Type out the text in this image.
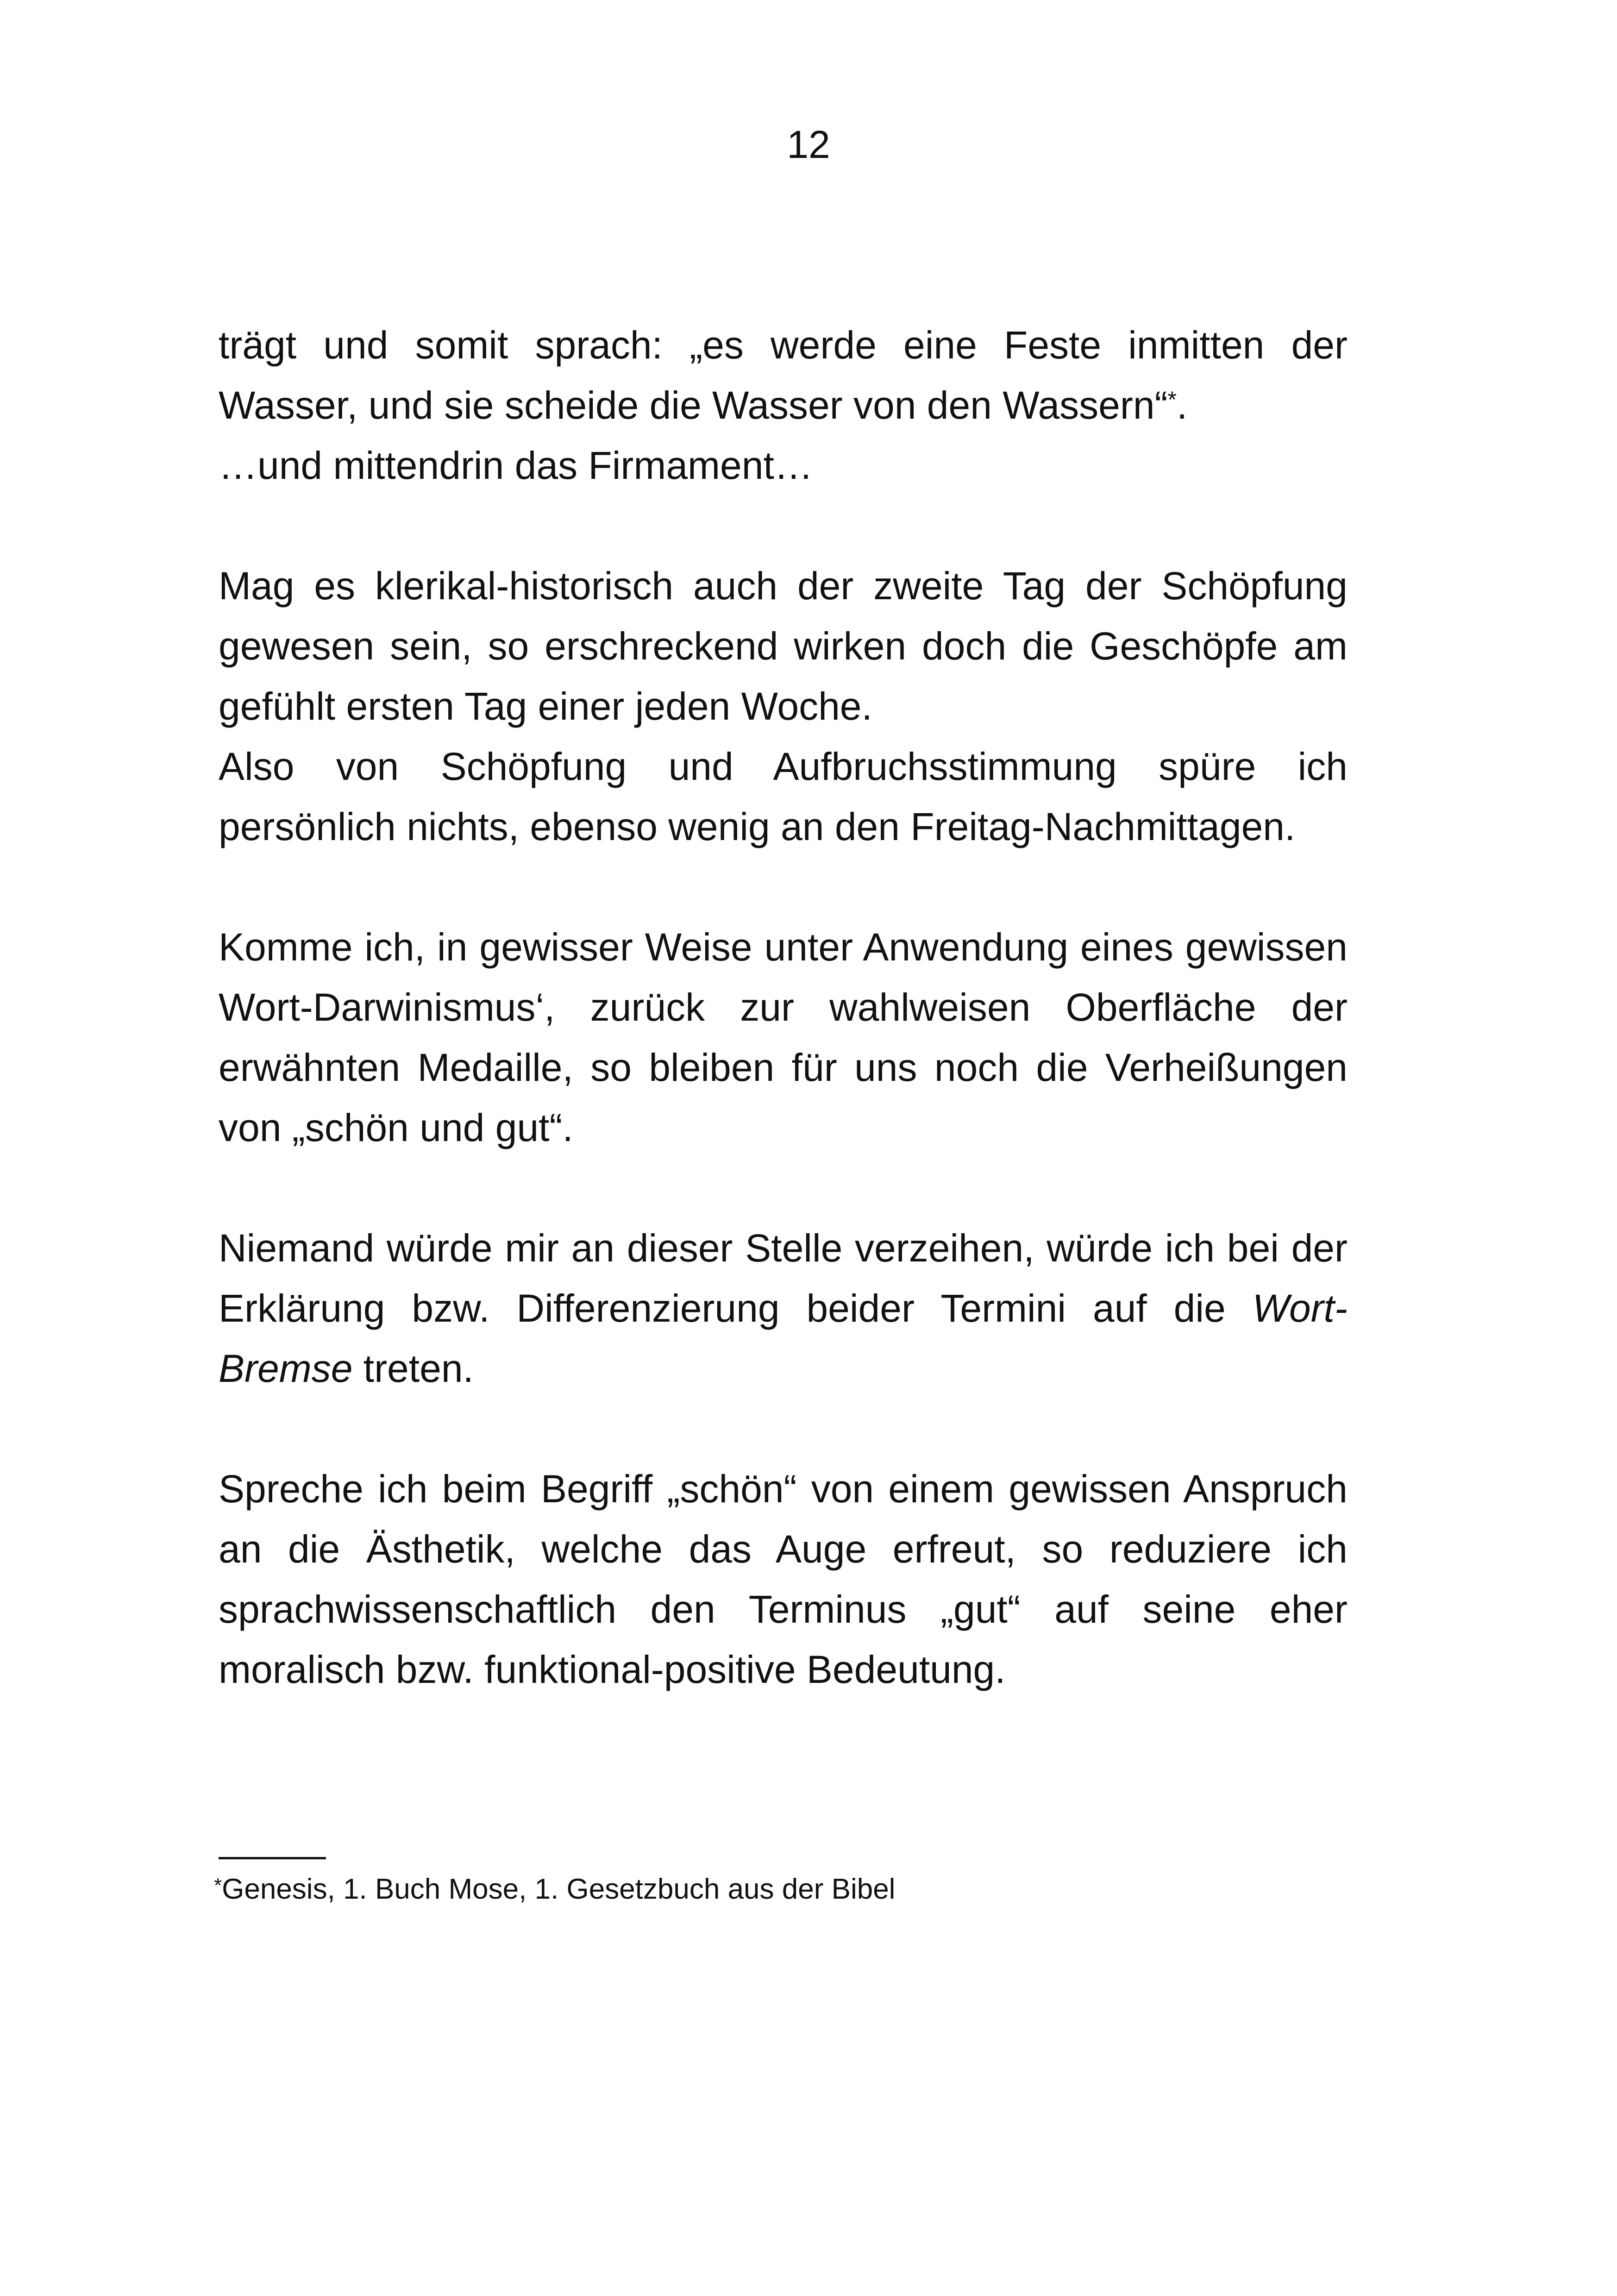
12

trägt und somit sprach: „es werde eine Feste inmitten der
Wasser, und sie scheide die Wasser von den Wassern“*.
…und mittendrin das Firmament…

Mag es klerikal-historisch auch der zweite Tag der Schöpfung
gewesen sein, so erschreckend wirken doch die Geschöpfe am
gefühlt ersten Tag einer jeden Woche.
Also von Schöpfung und Aufbruchsstimmung spüre ich
persönlich nichts, ebenso wenig an den Freitag-Nachmittagen.

Komme ich, in gewisser Weise unter Anwendung eines gewissen
Wort-Darwinismus‘, zurück zur wahlweisen Oberfläche der
erwähnten Medaille, so bleiben für uns noch die Verheißungen
von „schön und gut“.

Niemand würde mir an dieser Stelle verzeihen, würde ich bei der
Erklärung bzw. Differenzierung beider Termini auf die Wort-
Bremse treten.

Spreche ich beim Begriff „schön“ von einem gewissen Anspruch
an die Ästhetik, welche das Auge erfreut, so reduziere ich
sprachwissenschaftlich den Terminus „gut“ auf seine eher
moralisch bzw. funktional-positive Bedeutung.

*Genesis, 1. Buch Mose, 1. Gesetzbuch aus der Bibel
